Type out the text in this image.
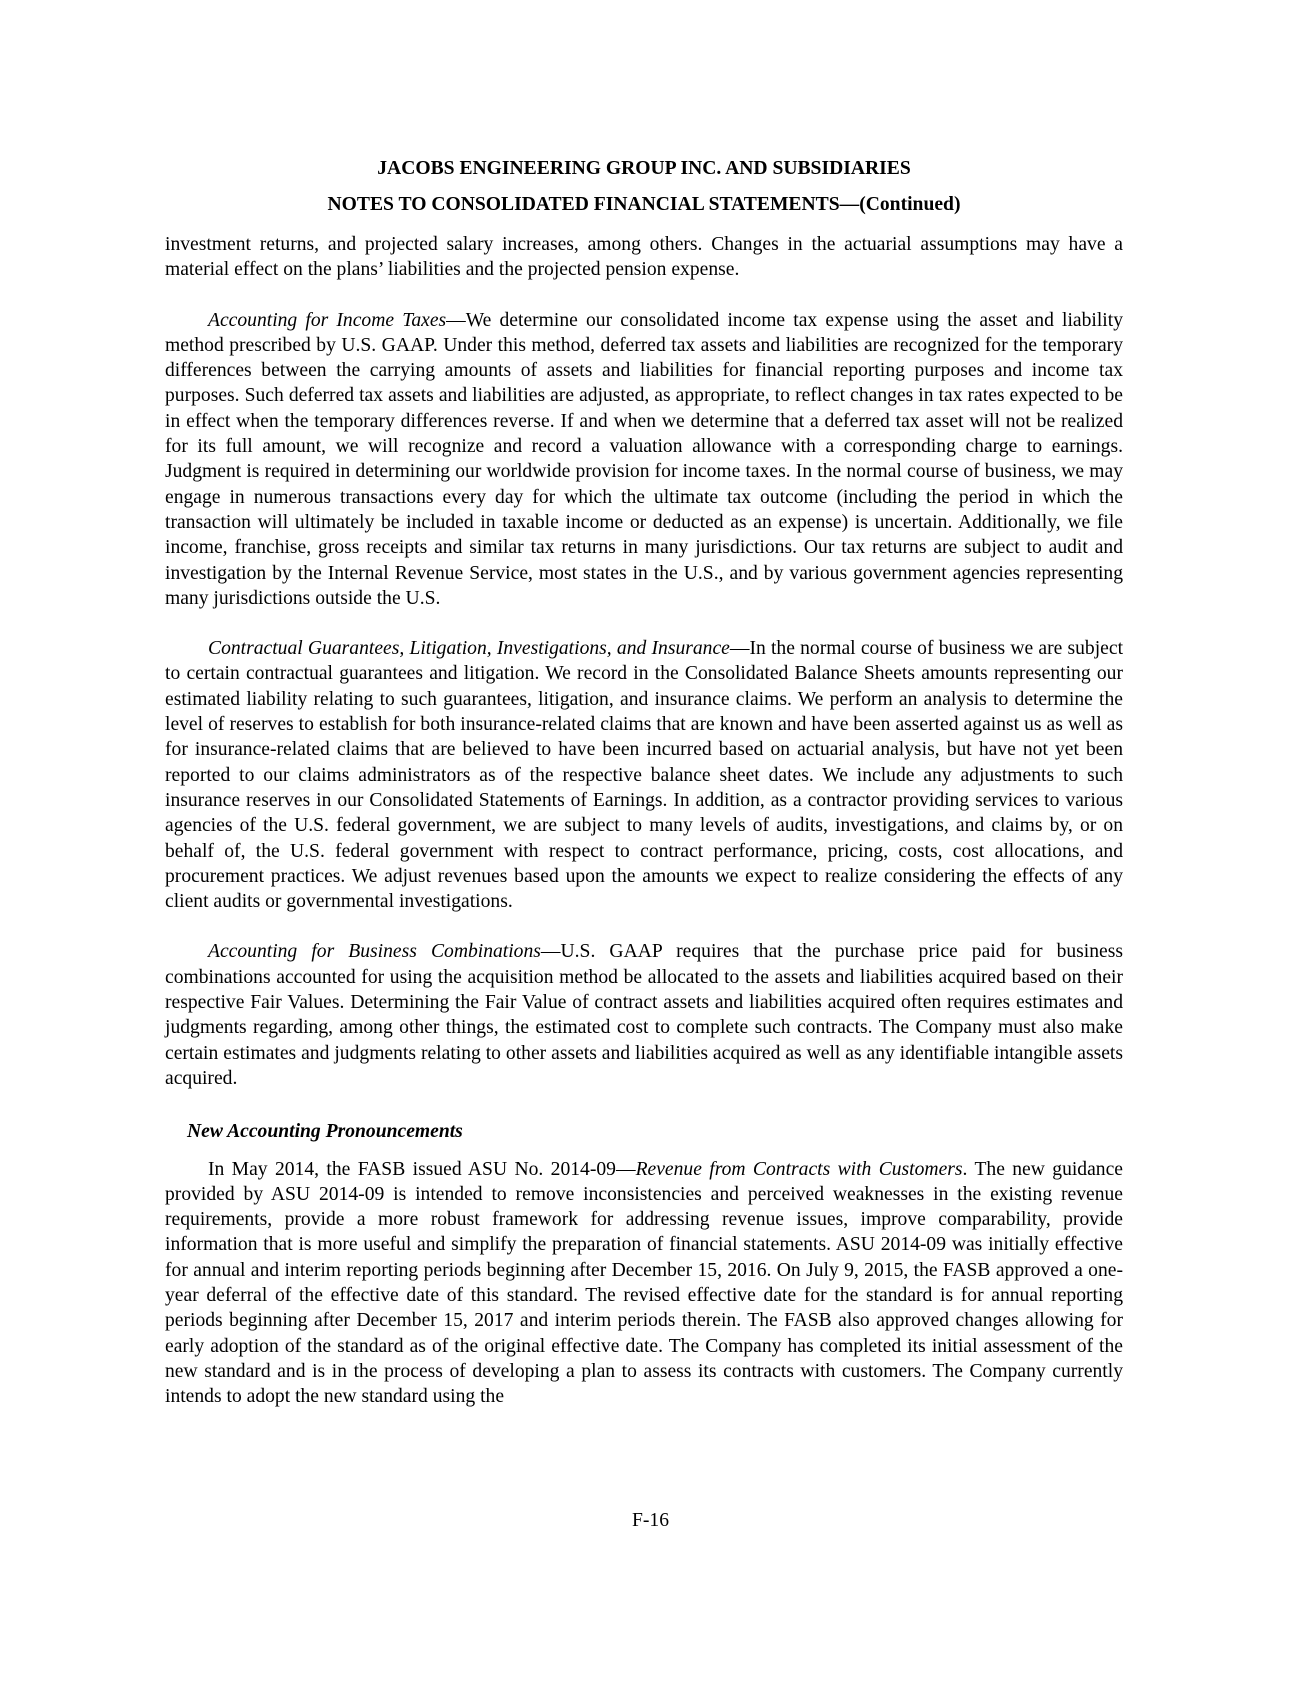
JACOBS ENGINEERING GROUP INC. AND SUBSIDIARIES
NOTES TO CONSOLIDATED FINANCIAL STATEMENTS—(Continued)

investment returns, and projected salary increases, among others. Changes in the actuarial assumptions may have a material effect on the plans’ liabilities and the projected pension expense.

Accounting for Income Taxes—We determine our consolidated income tax expense using the asset and liability method prescribed by U.S. GAAP. Under this method, deferred tax assets and liabilities are recognized for the temporary differences between the carrying amounts of assets and liabilities for financial reporting purposes and income tax purposes. Such deferred tax assets and liabilities are adjusted, as appropriate, to reflect changes in tax rates expected to be in effect when the temporary differences reverse. If and when we determine that a deferred tax asset will not be realized for its full amount, we will recognize and record a valuation allowance with a corresponding charge to earnings. Judgment is required in determining our worldwide provision for income taxes. In the normal course of business, we may engage in numerous transactions every day for which the ultimate tax outcome (including the period in which the transaction will ultimately be included in taxable income or deducted as an expense) is uncertain. Additionally, we file income, franchise, gross receipts and similar tax returns in many jurisdictions. Our tax returns are subject to audit and investigation by the Internal Revenue Service, most states in the U.S., and by various government agencies representing many jurisdictions outside the U.S.

Contractual Guarantees, Litigation, Investigations, and Insurance—In the normal course of business we are subject to certain contractual guarantees and litigation. We record in the Consolidated Balance Sheets amounts representing our estimated liability relating to such guarantees, litigation, and insurance claims. We perform an analysis to determine the level of reserves to establish for both insurance-related claims that are known and have been asserted against us as well as for insurance-related claims that are believed to have been incurred based on actuarial analysis, but have not yet been reported to our claims administrators as of the respective balance sheet dates. We include any adjustments to such insurance reserves in our Consolidated Statements of Earnings. In addition, as a contractor providing services to various agencies of the U.S. federal government, we are subject to many levels of audits, investigations, and claims by, or on behalf of, the U.S. federal government with respect to contract performance, pricing, costs, cost allocations, and procurement practices. We adjust revenues based upon the amounts we expect to realize considering the effects of any client audits or governmental investigations.

Accounting for Business Combinations—U.S. GAAP requires that the purchase price paid for business combinations accounted for using the acquisition method be allocated to the assets and liabilities acquired based on their respective Fair Values. Determining the Fair Value of contract assets and liabilities acquired often requires estimates and judgments regarding, among other things, the estimated cost to complete such contracts. The Company must also make certain estimates and judgments relating to other assets and liabilities acquired as well as any identifiable intangible assets acquired.

New Accounting Pronouncements

In May 2014, the FASB issued ASU No. 2014-09—Revenue from Contracts with Customers. The new guidance provided by ASU 2014-09 is intended to remove inconsistencies and perceived weaknesses in the existing revenue requirements, provide a more robust framework for addressing revenue issues, improve comparability, provide information that is more useful and simplify the preparation of financial statements. ASU 2014-09 was initially effective for annual and interim reporting periods beginning after December 15, 2016. On July 9, 2015, the FASB approved a one-year deferral of the effective date of this standard. The revised effective date for the standard is for annual reporting periods beginning after December 15, 2017 and interim periods therein. The FASB also approved changes allowing for early adoption of the standard as of the original effective date. The Company has completed its initial assessment of the new standard and is in the process of developing a plan to assess its contracts with customers. The Company currently intends to adopt the new standard using the

F-16
